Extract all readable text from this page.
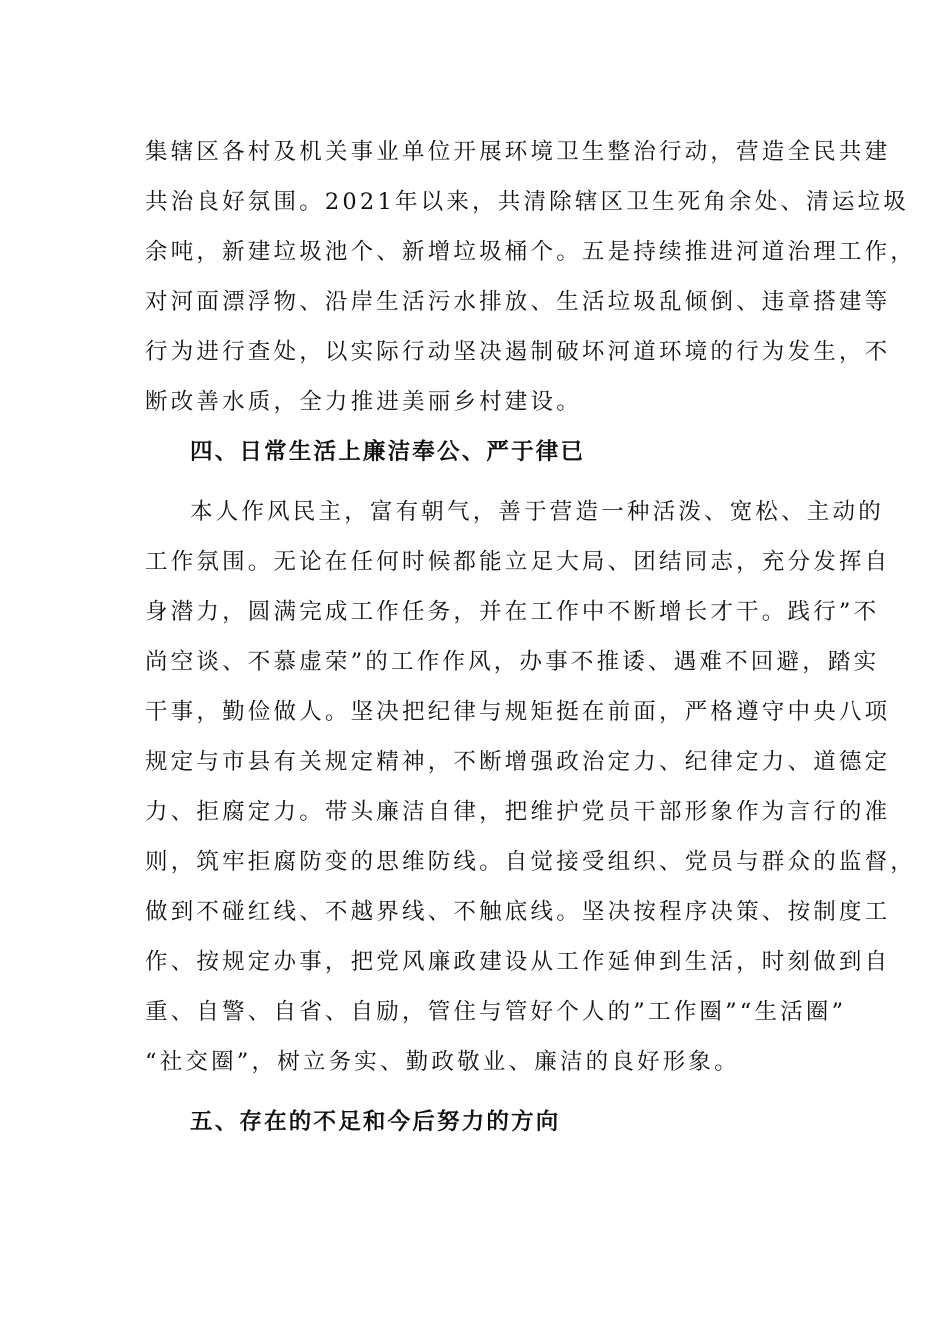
集辖区各村及机关事业单位开展环境卫生整治行动，营造全民共建
共治良好氛围。2021年以来，共清除辖区卫生死角余处、清运垃圾
余吨，新建垃圾池个、新增垃圾桶个。五是持续推进河道治理工作，
对河面漂浮物、沿岸生活污水排放、生活垃圾乱倾倒、违章搭建等
行为进行查处，以实际行动坚决遏制破坏河道环境的行为发生，不
断改善水质，全力推进美丽乡村建设。
四、日常生活上廉洁奉公、严于律已
本人作风民主，富有朝气，善于营造一种活泼、宽松、主动的
工作氛围。无论在任何时候都能立足大局、团结同志，充分发挥自
身潜力，圆满完成工作任务，并在工作中不断增长才干。践行”不
尚空谈、不慕虚荣”的工作作风，办事不推诿、遇难不回避，踏实
干事，勤俭做人。坚决把纪律与规矩挺在前面，严格遵守中央八项
规定与市县有关规定精神，不断增强政治定力、纪律定力、道德定
力、拒腐定力。带头廉洁自律，把维护党员干部形象作为言行的准
则，筑牢拒腐防变的思维防线。自觉接受组织、党员与群众的监督，
做到不碰红线、不越界线、不触底线。坚决按程序决策、按制度工
作、按规定办事，把党风廉政建设从工作延伸到生活，时刻做到自
重、自警、自省、自励，管住与管好个人的”工作圈”“生活圈”
“社交圈”，树立务实、勤政敬业、廉洁的良好形象。
五、存在的不足和今后努力的方向
